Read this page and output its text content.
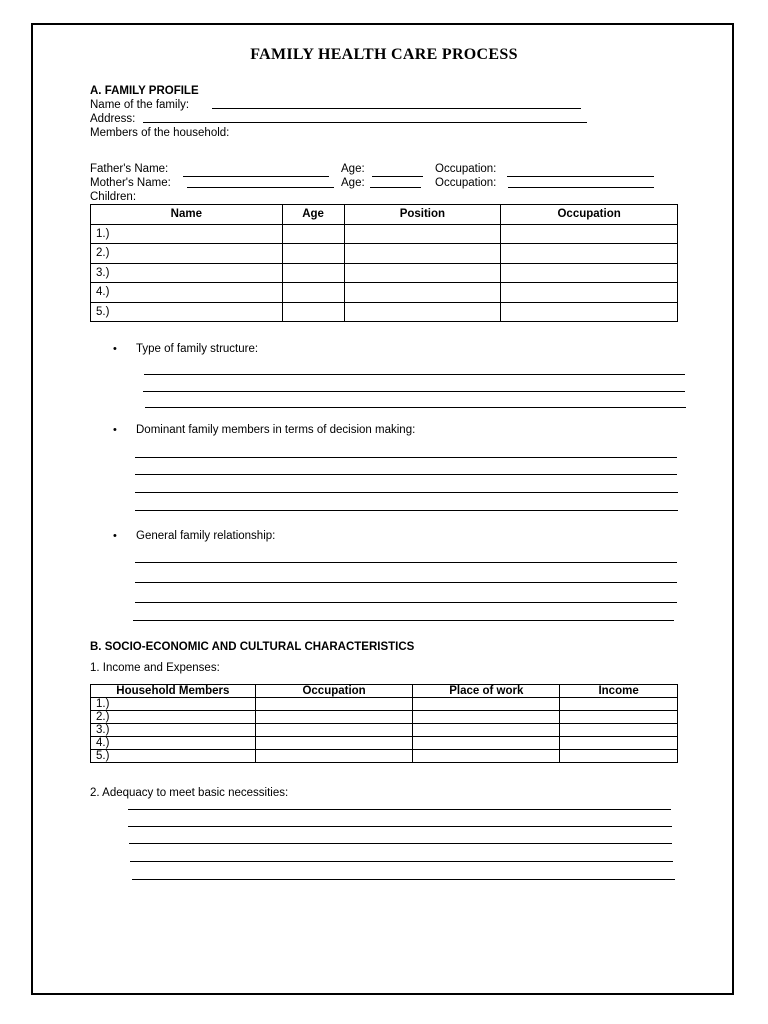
FAMILY HEALTH CARE PROCESS
A. FAMILY PROFILE
Name of the family:
Address:
Members of the household:
Father's Name:	Age:	Occupation:
Mother's Name:	Age:	Occupation:
Children:
Name	Age	Position	Occupation
1.)			
2.)			
3.)			
4.)			
5.)			
• Type of family structure:
• Dominant family members in terms of decision making:
• General family relationship:
B. SOCIO-ECONOMIC AND CULTURAL CHARACTERISTICS
1. Income and Expenses:
Household Members	Occupation	Place of work	Income
1.)			
2.)			
3.)			
4.)			
5.)			
2. Adequacy to meet basic necessities:
